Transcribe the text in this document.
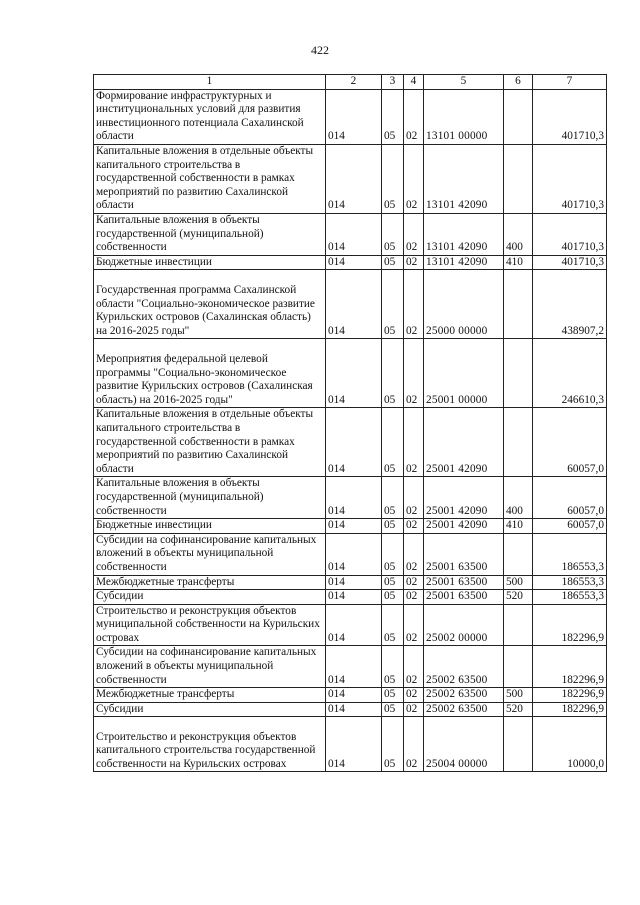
422
1	2	3	4	5	6	7
Формирование инфраструктурных и институциональных условий для развития инвестиционного потенциала Сахалинской области	014	05	02	13101 00000		401710,3
Капитальные вложения в отдельные объекты капитального строительства в государственной собственности в рамках мероприятий по развитию Сахалинской области	014	05	02	13101 42090		401710,3
Капитальные вложения в объекты государственной (муниципальной) собственности	014	05	02	13101 42090	400	401710,3
Бюджетные инвестиции	014	05	02	13101 42090	410	401710,3
Государственная программа Сахалинской области "Социально-экономическое развитие Курильских островов (Сахалинская область) на 2016-2025 годы"	014	05	02	25000 00000		438907,2
Мероприятия федеральной целевой программы "Социально-экономическое развитие Курильских островов (Сахалинская область) на 2016-2025 годы"	014	05	02	25001 00000		246610,3
Капитальные вложения в отдельные объекты капитального строительства в государственной собственности в рамках мероприятий по развитию Сахалинской области	014	05	02	25001 42090		60057,0
Капитальные вложения в объекты государственной (муниципальной) собственности	014	05	02	25001 42090	400	60057,0
Бюджетные инвестиции	014	05	02	25001 42090	410	60057,0
Субсидии на софинансирование капитальных вложений в объекты муниципальной собственности	014	05	02	25001 63500		186553,3
Межбюджетные трансферты	014	05	02	25001 63500	500	186553,3
Субсидии	014	05	02	25001 63500	520	186553,3
Строительство и реконструкция объектов муниципальной собственности на Курильских островах	014	05	02	25002 00000		182296,9
Субсидии на софинансирование капитальных вложений в объекты муниципальной собственности	014	05	02	25002 63500		182296,9
Межбюджетные трансферты	014	05	02	25002 63500	500	182296,9
Субсидии	014	05	02	25002 63500	520	182296,9
Строительство и реконструкция объектов капитального строительства государственной собственности на Курильских островах	014	05	02	25004 00000		10000,0
